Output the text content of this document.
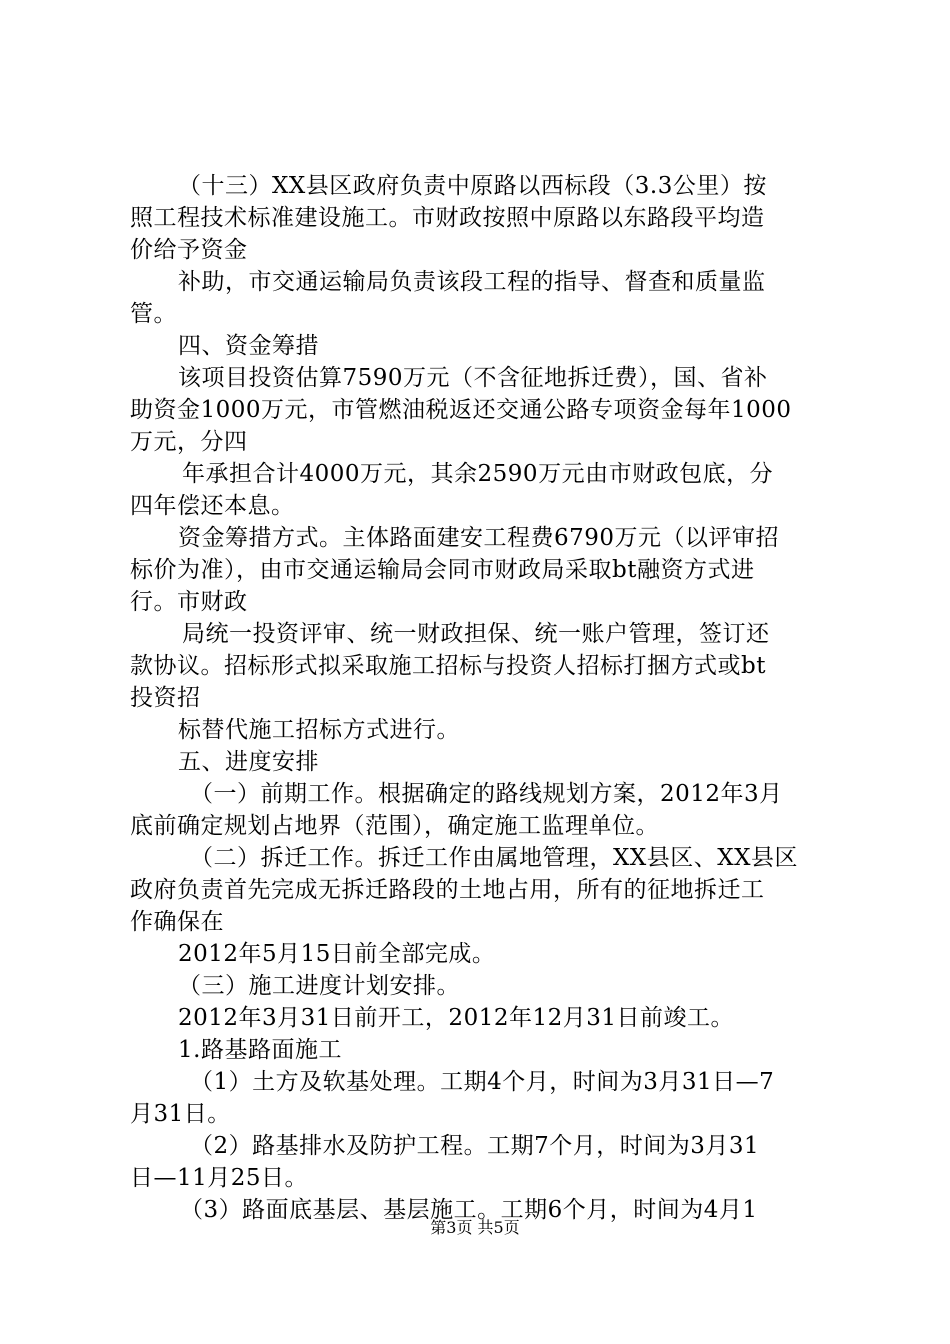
（十三）XX县区政府负责中原路以西标段（3.3公里）按
照工程技术标准建设施工。市财政按照中原路以东路段平均造
价给予资金
补助，市交通运输局负责该段工程的指导、督查和质量监
管。
四、资金筹措
该项目投资估算7590万元（不含征地拆迁费），国、省补
助资金1000万元，市管燃油税返还交通公路专项资金每年1000
万元，分四
年承担合计4000万元，其余2590万元由市财政包底，分
四年偿还本息。
资金筹措方式。主体路面建安工程费6790万元（以评审招
标价为准），由市交通运输局会同市财政局采取bt融资方式进
行。市财政
局统一投资评审、统一财政担保、统一账户管理，签订还
款协议。招标形式拟采取施工招标与投资人招标打捆方式或bt
投资招
标替代施工招标方式进行。
五、进度安排
（一）前期工作。根据确定的路线规划方案，2012年3月
底前确定规划占地界（范围），确定施工监理单位。
（二）拆迁工作。拆迁工作由属地管理，XX县区、XX县区
政府负责首先完成无拆迁路段的土地占用，所有的征地拆迁工
作确保在
2012年5月15日前全部完成。
（三）施工进度计划安排。
2012年3月31日前开工，2012年12月31日前竣工。
1.路基路面施工
（1）土方及软基处理。工期4个月，时间为3月31日—7
月31日。
（2）路基排水及防护工程。工期7个月，时间为3月31
日—11月25日。
（3）路面底基层、基层施工。工期6个月，时间为4月1
第3页 共5页
